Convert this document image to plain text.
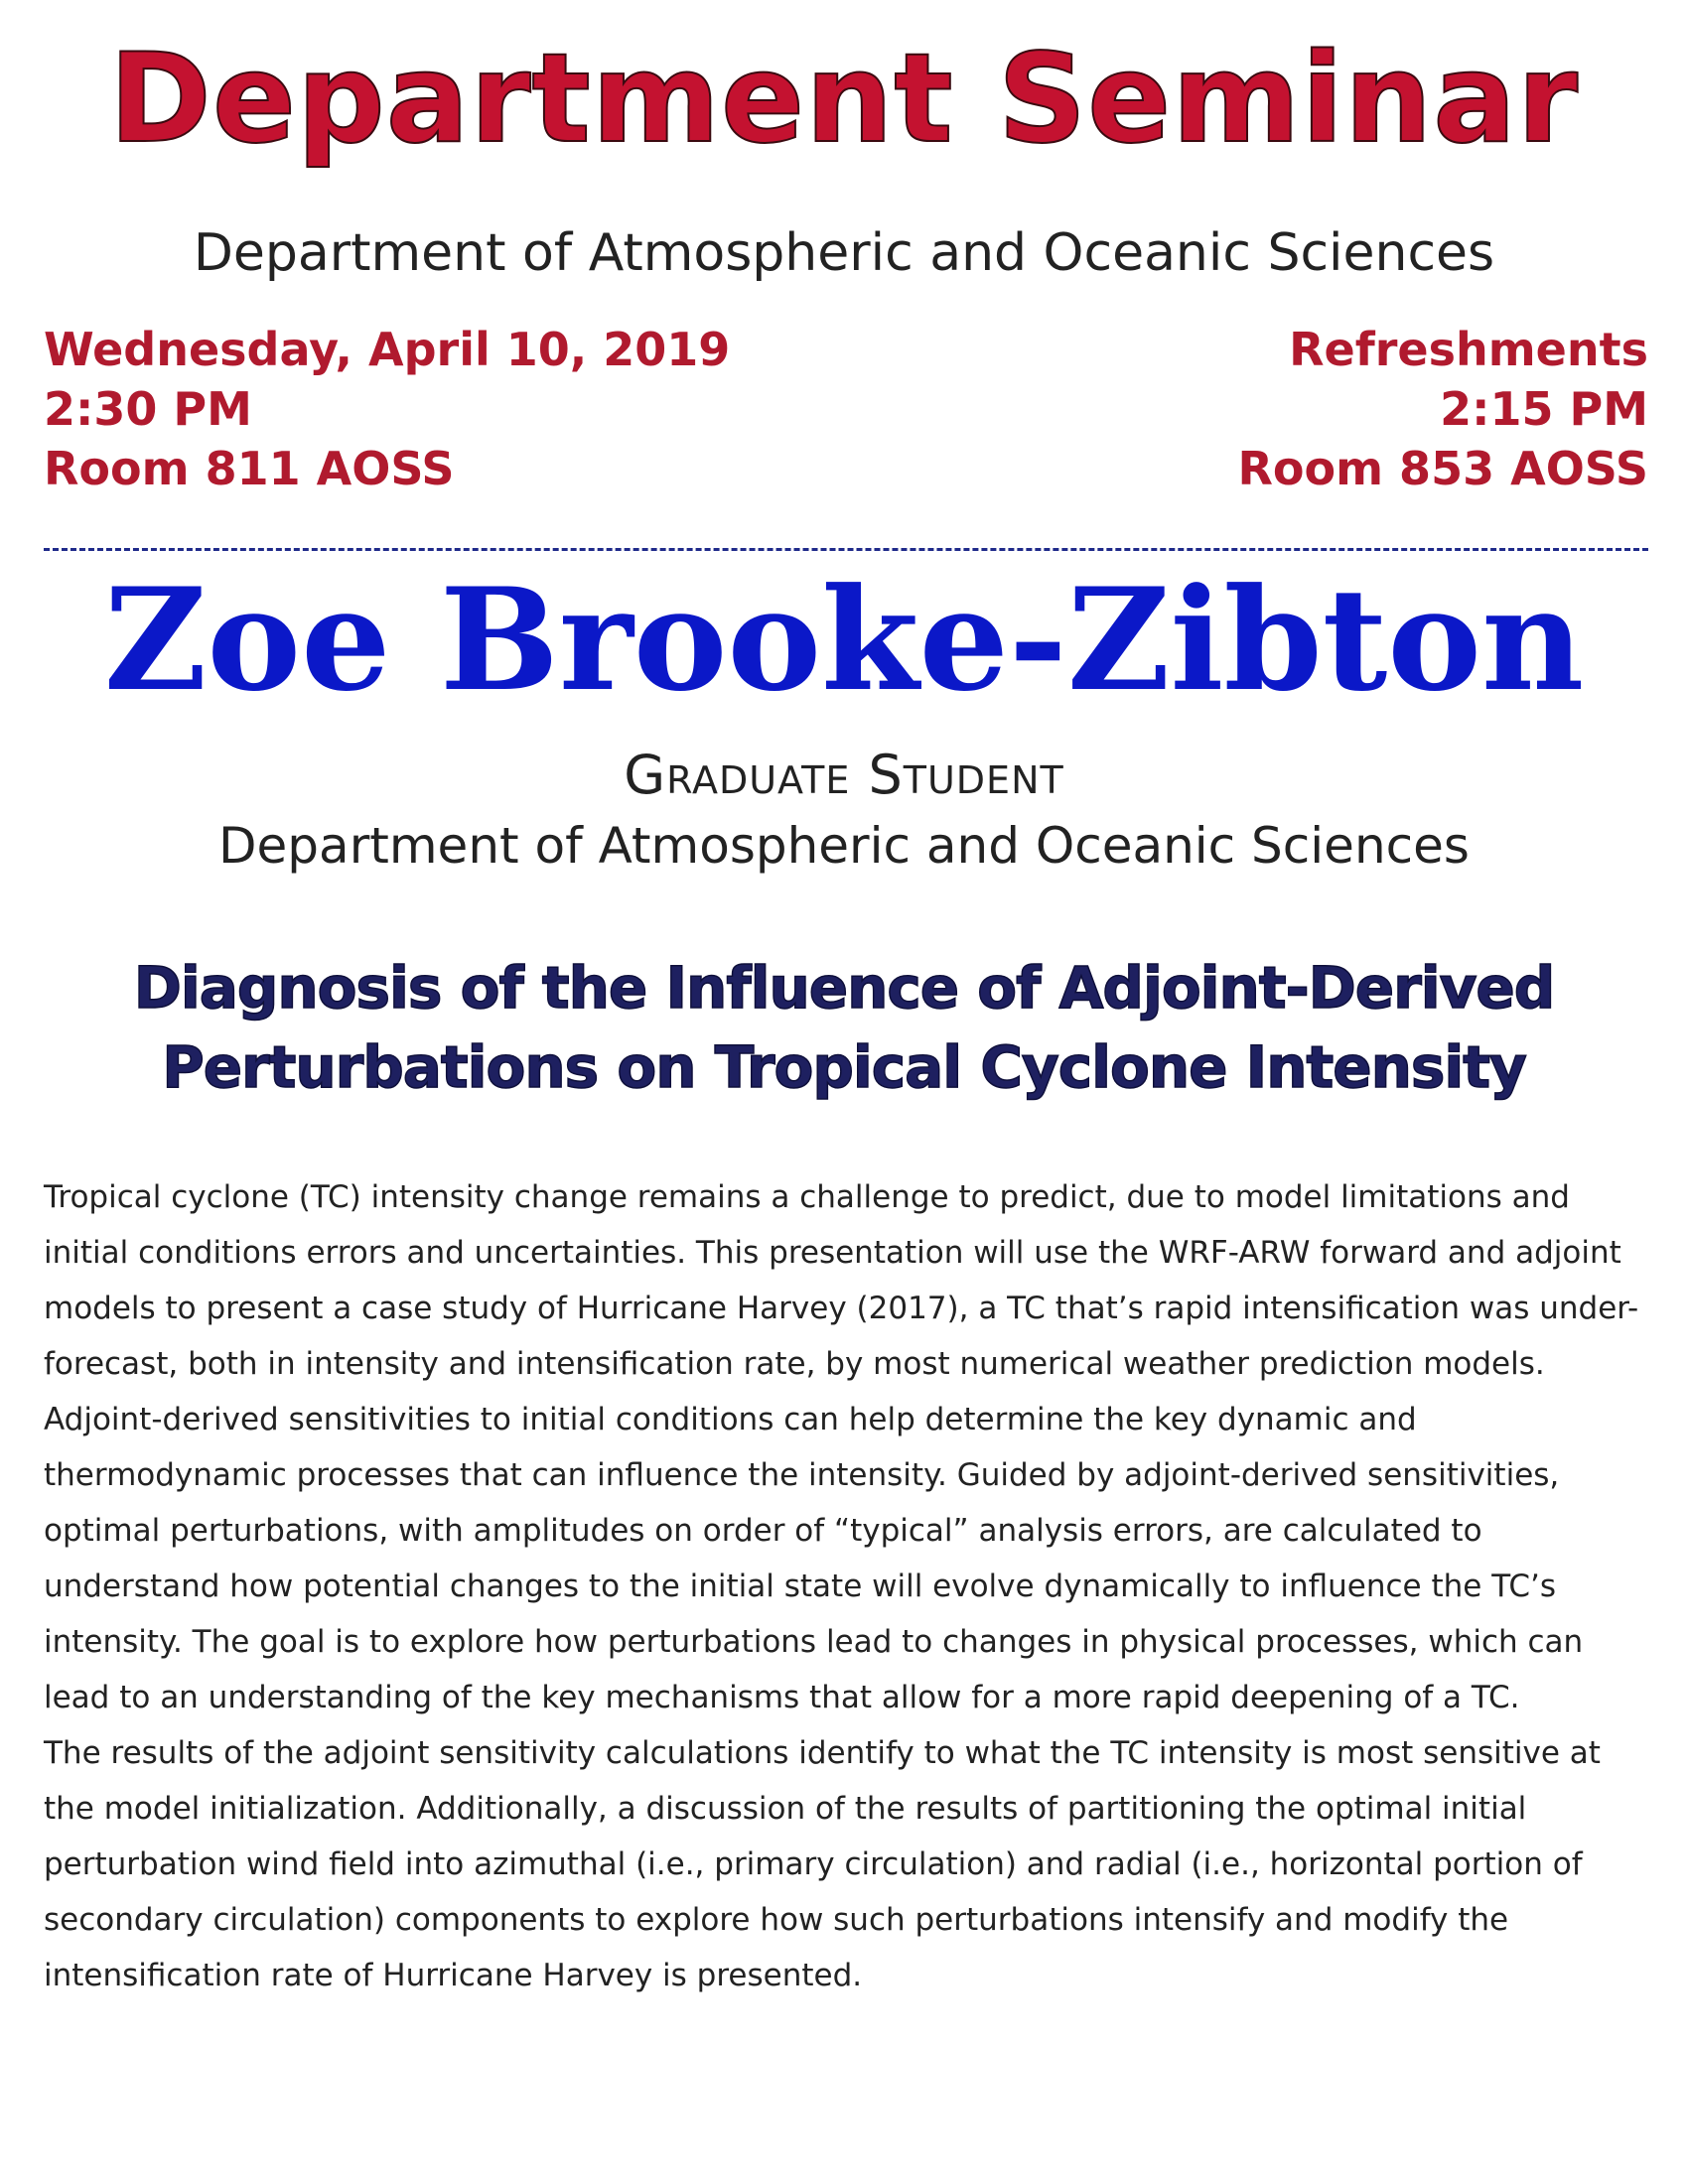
Department Seminar
Department of Atmospheric and Oceanic Sciences
Wednesday, April 10, 2019
2:30 PM
Room 811 AOSS
Refreshments
2:15 PM
Room 853 AOSS
Zoe Brooke-Zibton
Graduate Student
Department of Atmospheric and Oceanic Sciences
Diagnosis of the Influence of Adjoint-Derived
Perturbations on Tropical Cyclone Intensity

Tropical cyclone (TC) intensity change remains a challenge to predict, due to model limitations and initial conditions errors and uncertainties. This presentation will use the WRF-ARW forward and adjoint models to present a case study of Hurricane Harvey (2017), a TC that’s rapid intensification was under-forecast, both in intensity and intensification rate, by most numerical weather prediction models.

Adjoint-derived sensitivities to initial conditions can help determine the key dynamic and thermodynamic processes that can influence the intensity. Guided by adjoint-derived sensitivities, optimal perturbations, with amplitudes on order of “typical” analysis errors, are calculated to understand how potential changes to the initial state will evolve dynamically to influence the TC’s intensity. The goal is to explore how perturbations lead to changes in physical processes, which can lead to an understanding of the key mechanisms that allow for a more rapid deepening of a TC.

The results of the adjoint sensitivity calculations identify to what the TC intensity is most sensitive at the model initialization. Additionally, a discussion of the results of partitioning the optimal initial perturbation wind field into azimuthal (i.e., primary circulation) and radial (i.e., horizontal portion of secondary circulation) components to explore how such perturbations intensify and modify the intensification rate of Hurricane Harvey is presented.
